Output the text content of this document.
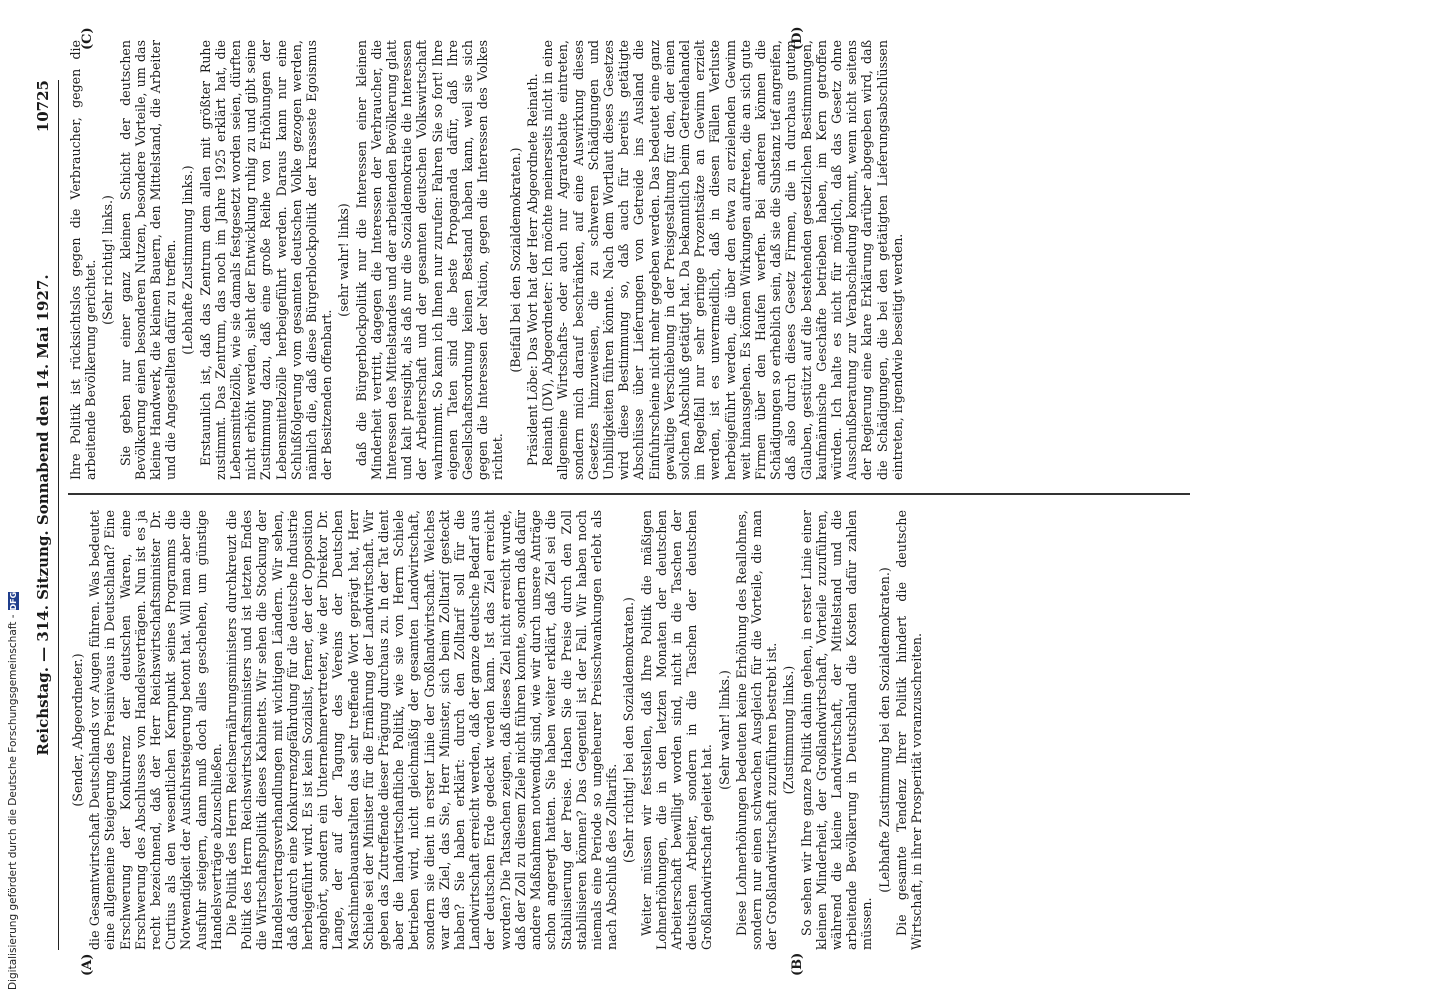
Reichstag. — 314. Sitzung. Sonnabend den 14. Mai 1927.
10725
(A)	(B)
(C)	(D)

(Sender, Abgeordneter.) die Gesamtwirtschaft Deutschlands vor Augen führen. Was bedeutet eine allgemeine Steigerung des Preisniveaus in Deutschland? Eine Erschwerung der Konkurrenz der deutschen Waren, eine Erschwerung des Abschlusses von Handelsverträgen. Nun ist es ja recht bezeichnend, daß der Herr Reichswirtschaftsminister Dr. Curtius als den wesentlichen Kernpunkt seines Programms die Notwendigkeit der Ausfuhrsteigerung betont hat. Will man aber die Ausfuhr steigern, dann muß doch alles geschehen, um günstige Handelsverträge abzuschließen. Die Politik des Herrn Reichsernährungsministers durchkreuzt die Politik des Herrn Reichswirtschaftsministers und ist letzten Endes die Wirtschaftspolitik dieses Kabinetts. Wir sehen die Stockung der Handelsvertragsverhandlungen mit wichtigen Ländern. Wir sehen, daß dadurch eine Konkurrenzgefährdung für die deutsche Industrie herbeigeführt wird. Es ist kein Sozialist, ferner, der der Opposition angehört, sondern ein Unternehmervertreter, wie der Direktor Dr. Lange, der auf der Tagung des Vereins der Deutschen Maschinenbauanstalten das sehr treffende Wort geprägt hat, Herr Schiele sei der Minister für die Ernährung der Landwirtschaft. Wir geben das Zutreffende dieser Prägung durchaus zu. In der Tat dient aber die landwirtschaftliche Politik, wie sie von Herrn Schiele betrieben wird, nicht gleichmäßig der gesamten Landwirtschaft, sondern sie dient in erster Linie der Großlandwirtschaft. Welches war das Ziel, das Sie, Herr Minister, sich beim Zolltarif gesteckt haben? Sie haben erklärt: durch den Zolltarif soll für die Landwirtschaft erreicht werden, daß der ganze deutsche Bedarf aus der deutschen Erde gedeckt werden kann. Ist das Ziel erreicht worden? Die Tatsachen zeigen, daß dieses Ziel nicht erreicht wurde, daß der Zoll zu diesem Ziele nicht führen konnte, sondern daß dafür andere Maßnahmen notwendig sind, wie wir durch unsere Anträge schon angeregt hatten. Sie haben weiter erklärt, daß Ziel sei die Stabilisierung der Preise. Haben Sie die Preise durch den Zoll stabilisieren können? Das Gegenteil ist der Fall. Wir haben noch niemals eine Periode so ungeheurer Preisschwankungen erlebt als nach Abschluß des Zolltarifs. (Sehr richtig! bei den Sozialdemokraten.) Weiter müssen wir feststellen, daß Ihre Politik die mäßigen Lohnerhöhungen, die in den letzten Monaten der deutschen Arbeiterschaft bewilligt worden sind, nicht in die Taschen der deutschen Arbeiter, sondern in die Taschen der deutschen Großlandwirtschaft geleitet hat.

(Sehr wahr! links.) Diese Lohnerhöhungen bedeuten keine Erhöhung des Reallohnes, sondern nur einen schwachen Ausgleich für die Vorteile, die man der Großlandwirtschaft zuzuführen bestrebt ist. (Zustimmung links.) So sehen wir Ihre ganze Politik dahin gehen, in erster Linie einer kleinen Minderheit, der Großlandwirtschaft, Vorteile zuzuführen, während die kleine Landwirtschaft, der Mittelstand und die arbeitende Bevölkerung in Deutschland die Kosten dafür zahlen müssen.

(Lebhafte Zustimmung bei den Sozialdemokraten.) Die gesamte Tendenz Ihrer Politik hindert die deutsche Wirtschaft, in ihrer Prosperität voranzuschreiten.

Ihre Politik ist rücksichtslos gegen die Verbraucher, gegen die arbeitende Bevölkerung gerichtet. (Sehr richtig! links.) Sie geben nur einer ganz kleinen Schicht der deutschen Bevölkerung einen besonderen Nutzen, besondere Vorteile, um das kleine Handwerk, die kleinen Bauern, den Mittelstand, die Arbeiter und die Angestellten dafür zu treffen. (Lebhafte Zustimmung links.) Erstaunlich ist, daß das Zentrum dem allen mit größter Ruhe zustimmt. Das Zentrum, das noch im Jahre 1925 erklärt hat, die Lebensmittelzölle, wie sie damals festgesetzt worden seien, dürften nicht erhöht werden, sieht der Entwicklung ruhig zu und gibt seine Zustimmung dazu, daß eine große Reihe von Erhöhungen der Lebensmittelzölle herbeigeführt werden. Daraus kann nur eine Schlußfolgerung vom gesamten deutschen Volke gezogen werden, nämlich die, daß diese Bürgerblockpolitik der krasseste Egoismus der Besitzenden offenbart.

(sehr wahr! links) daß die Bürgerblockpolitik nur die Interessen einer kleinen Minderheit vertritt, dagegen die Interessen der Verbraucher, die Interessen des Mittelstandes und der arbeitenden Bevölkerung glatt und kalt preisgibt, als daß nur die Sozialdemokratie die Interessen der Arbeiterschaft und der gesamten deutschen Volkswirtschaft wahrnimmt. So kann ich Ihnen nur zurufen: Fahren Sie so fort! Ihre eigenen Taten sind die beste Propaganda dafür, daß Ihre Gesellschaftsordnung keinen Bestand haben kann, weil sie sich gegen die Interessen der Nation, gegen die Interessen des Volkes richtet.

(Beifall bei den Sozialdemokraten.) Präsident Löbe: Das Wort hat der Herr Abgeordnete Reinath. Reinath (DV), Abgeordneter: Ich möchte meinerseits nicht in eine allgemeine Wirtschafts- oder auch nur Agrardebatte eintreten, sondern mich darauf beschränken, auf eine Auswirkung dieses Gesetzes hinzuweisen, die zu schweren Schädigungen und Unbilligkeiten führen könnte. Nach dem Wortlaut dieses Gesetzes wird diese Bestimmung so, daß auch für bereits getätigte Abschlüsse über Lieferungen von Getreide ins Ausland die Einfuhrscheine nicht mehr gegeben werden. Das bedeutet eine ganz gewaltige Verschiebung in der Preisgestaltung für den, der einen solchen Abschluß getätigt hat. Da bekanntlich beim Getreidehandel im Regelfall nur sehr geringe Prozentsätze an Gewinn erzielt werden, ist es unvermeidlich, daß in diesen Fällen Verluste herbeigeführt werden, die über den etwa zu erzielenden Gewinn weit hinausgehen. Es können Wirkungen auftreten, die an sich gute Firmen über den Haufen werfen. Bei anderen können die Schädigungen so erheblich sein, daß sie die Substanz tief angreifen, daß also durch dieses Gesetz Firmen, die in durchaus gutem Glauben, gestützt auf die bestehenden gesetzlichen Bestimmungen, kaufmännische Geschäfte betrieben haben, im Kern getroffen würden. Ich halte es nicht für möglich, daß das Gesetz ohne Ausschußberatung zur Verabschiedung kommt, wenn nicht seitens der Regierung eine klare Erklärung darüber abgegeben wird, daß die Schädigungen, die bei den getätigten Lieferungsabschlüssen eintreten, irgendwie beseitigt werden.

Digitalisierung gefördert durch die Deutsche Forschungsgemeinschaft -
DFG
